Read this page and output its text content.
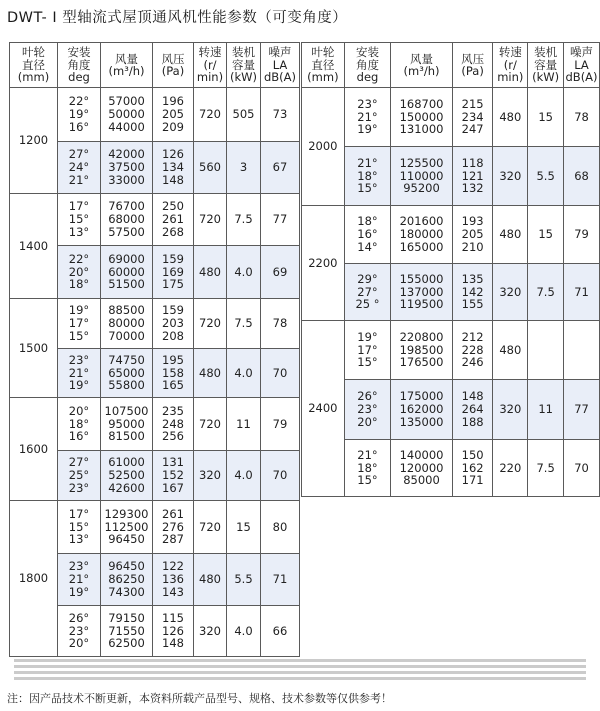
DWT- Ⅰ 型轴流式屋顶通风机性能参数（可变角度）
叶轮
直径
(mm)	安装
角度
deg	风量
(m³/h)	风压
(Pa)	转速
(r/
min)	装机
容量
(kW)	噪声
LA
dB(A)
1200	22°
19°
16°	57000
50000
44000	196
205
209	720	505	73
	27°
24°
21°	42000
37500
33000	126
134
148	560	3	67
1400	17°
15°
13°	76700
68000
57500	250
261
268	720	7.5	77
	22°
20°
18°	69000
60000
51500	159
169
175	480	4.0	69
1500	19°
17°
15°	88500
80000
70000	159
203
208	720	7.5	78
	23°
21°
19°	74750
65000
55800	195
158
165	480	4.0	70
1600	20°
18°
16°	107500
95000
81500	235
248
256	720	11	79
	27°
25°
23°	61000
52500
42600	131
152
167	320	4.0	70
1800	17°
15°
13°	129300
112500
96450	261
276
287	720	15	80
	23°
21°
19°	96450
86250
74300	122
136
143	480	5.5	71
	26°
23°
20°	79150
71550
62500	115
126
148	320	4.0	66
叶轮
直径
(mm)	安装
角度
deg	风量
(m³/h)	风压
(Pa)	转速
(r/
min)	装机
容量
(kW)	噪声
LA
dB(A)
2000	23°
21°
19°	168700
150000
131000	215
234
247	480	15	78
	21°
18°
15°	125500
110000
95200	118
121
132	320	5.5	68
2200	18°
16°
14°	201600
180000
165000	193
205
210	480	15	79
	29°
27°
25 °	155000
137000
119500	135
142
155	320	7.5	71
2400	19°
17°
15°	220800
198500
176500	212
228
246	480		
	26°
23°
20°	175000
162000
135000	148
264
188	320	11	77
	21°
18°
15°	140000
120000
85000	150
162
171	220	7.5	70
注：因产品技术不断更新，本资料所载产品型号、规格、技术参数等仅供参考！
